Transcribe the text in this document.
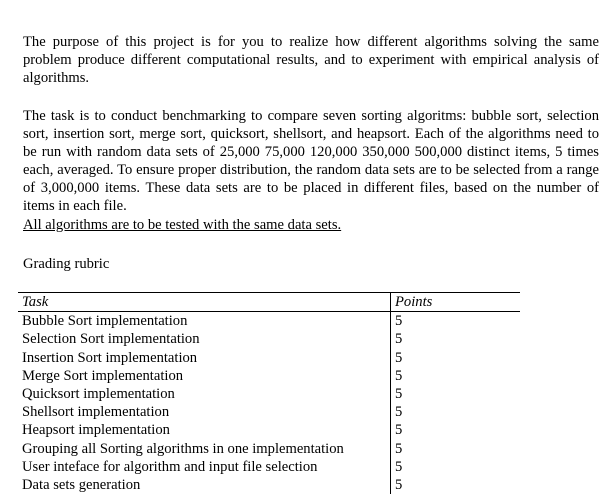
The purpose of this project is for you to realize how different algorithms solving the same problem produce different computational results, and to experiment with empirical analysis of algorithms.

The task is to conduct benchmarking to compare seven sorting algoritms: bubble sort, selection sort, insertion sort, merge sort, quicksort, shellsort, and heapsort. Each of the algorithms need to be run with random data sets of 25,000 75,000 120,000 350,000 500,000 distinct items, 5 times each, averaged. To ensure proper distribution, the random data sets are to be selected from a range of 3,000,000 items. These data sets are to be placed in different files, based on the number of items in each file.
All algorithms are to be tested with the same data sets.

Grading rubric

Task	Points
Bubble Sort implementation	5
Selection Sort implementation	5
Insertion Sort implementation	5
Merge Sort implementation	5
Quicksort implementation	5
Shellsort implementation	5
Heapsort implementation	5
Grouping all Sorting algorithms in one implementation	5
User inteface for algorithm and input file selection	5
Data sets generation	5
